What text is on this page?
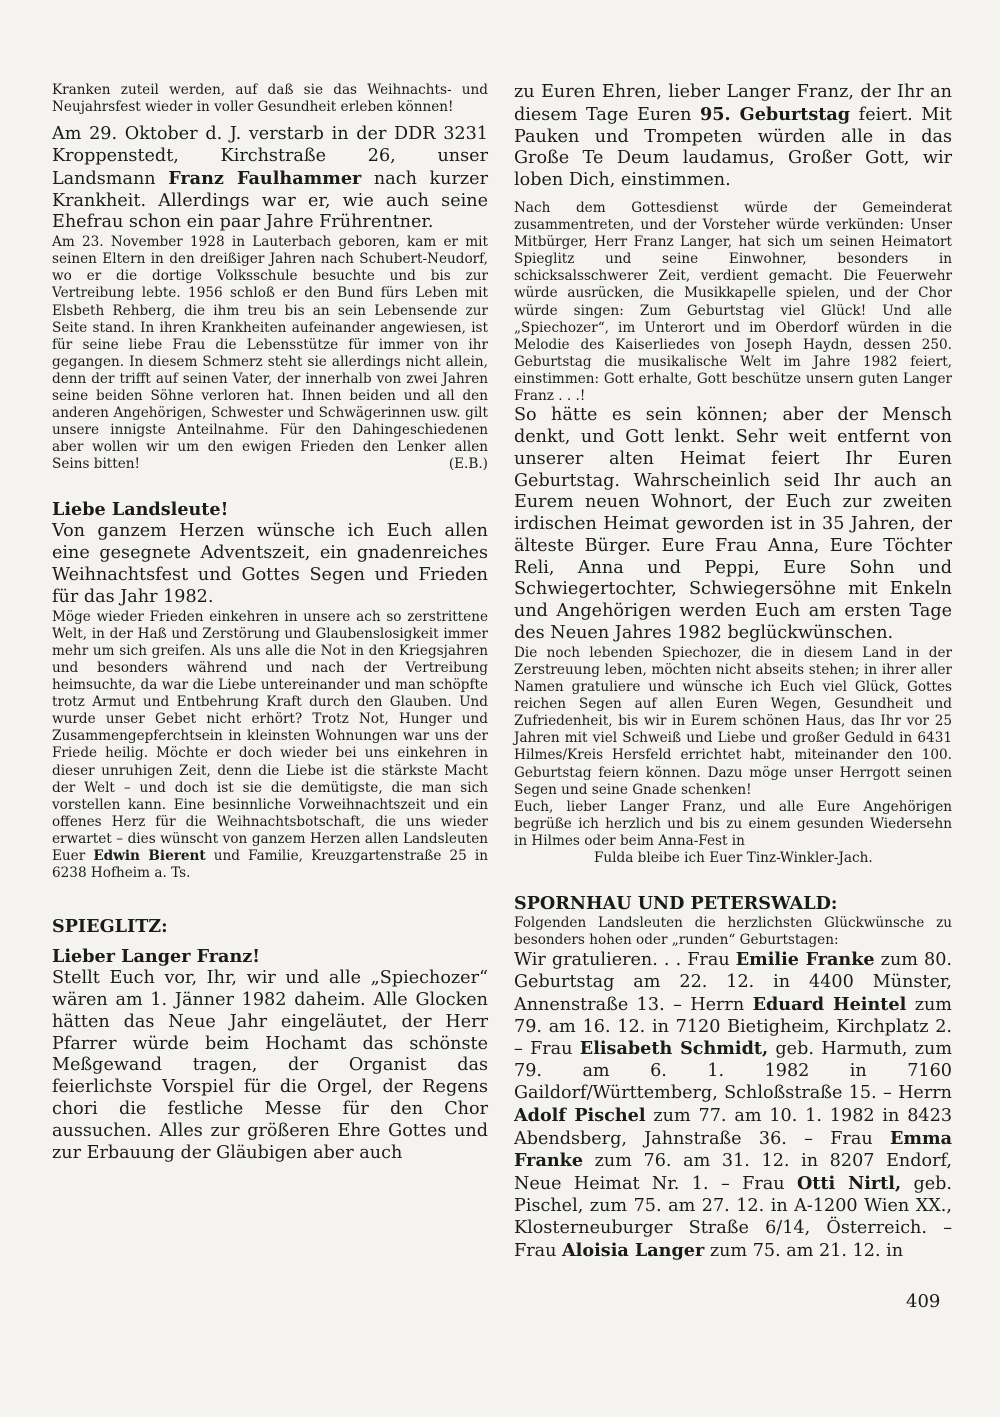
Kranken zuteil werden, auf daß sie das Weihnachts- und Neujahrsfest wieder in voller Gesundheit erleben können!

Am 29. Oktober d. J. verstarb in der DDR 3231 Kroppenstedt, Kirchstraße 26, unser Landsmann Franz Faulhammer nach kurzer Krankheit. Allerdings war er, wie auch seine Ehefrau schon ein paar Jahre Frührentner.

Am 23. November 1928 in Lauterbach geboren, kam er mit seinen Eltern in den dreißiger Jahren nach Schubert-Neudorf, wo er die dortige Volksschule besuchte und bis zur Vertreibung lebte. 1956 schloß er den Bund fürs Leben mit Elsbeth Rehberg, die ihm treu bis an sein Lebensende zur Seite stand. In ihren Krankheiten aufeinander angewiesen, ist für seine liebe Frau die Lebensstütze für immer von ihr gegangen. In diesem Schmerz steht sie allerdings nicht allein, denn der trifft auf seinen Vater, der innerhalb von zwei Jahren seine beiden Söhne verloren hat. Ihnen beiden und all den anderen Angehörigen, Schwester und Schwägerinnen usw. gilt unsere innigste Anteilnahme. Für den Dahingeschiedenen aber wollen wir um den ewigen Frieden den Lenker allen Seins bitten!	(E.B.)

Liebe Landsleute!

Von ganzem Herzen wünsche ich Euch allen eine gesegnete Adventszeit, ein gnadenreiches Weihnachtsfest und Gottes Segen und Frieden für das Jahr 1982.

Möge wieder Frieden einkehren in unsere ach so zerstrittene Welt, in der Haß und Zerstörung und Glaubenslosigkeit immer mehr um sich greifen. Als uns alle die Not in den Kriegsjahren und besonders während und nach der Vertreibung heimsuchte, da war die Liebe untereinander und man schöpfte trotz Armut und Entbehrung Kraft durch den Glauben. Und wurde unser Gebet nicht erhört? Trotz Not, Hunger und Zusammengepferchtsein in kleinsten Wohnungen war uns der Friede heilig. Möchte er doch wieder bei uns einkehren in dieser unruhigen Zeit, denn die Liebe ist die stärkste Macht der Welt – und doch ist sie die demütigste, die man sich vorstellen kann. Eine besinnliche Vorweihnachtszeit und ein offenes Herz für die Weihnachtsbotschaft, die uns wieder erwartet – dies wünscht von ganzem Herzen allen Landsleuten Euer Edwin Bierent und Familie, Kreuzgartenstraße 25 in 6238 Hofheim a. Ts.

SPIEGLITZ:

Lieber Langer Franz!

Stellt Euch vor, Ihr, wir und alle „Spiechozer“ wären am 1. Jänner 1982 daheim. Alle Glocken hätten das Neue Jahr eingeläutet, der Herr Pfarrer würde beim Hochamt das schönste Meßgewand tragen, der Organist das feierlichste Vorspiel für die Orgel, der Regens chori die festliche Messe für den Chor aussuchen. Alles zur größeren Ehre Gottes und zur Erbauung der Gläubigen aber auch

zu Euren Ehren, lieber Langer Franz, der Ihr an diesem Tage Euren 95. Geburtstag feiert. Mit Pauken und Trompeten würden alle in das Große Te Deum laudamus, Großer Gott, wir loben Dich, einstimmen.

Nach dem Gottesdienst würde der Gemeinderat zusammentreten, und der Vorsteher würde verkünden: Unser Mitbürger, Herr Franz Langer, hat sich um seinen Heimatort Spieglitz und seine Einwohner, besonders in schicksalsschwerer Zeit, verdient gemacht. Die Feuerwehr würde ausrücken, die Musikkapelle spielen, und der Chor würde singen: Zum Geburtstag viel Glück! Und alle „Spiechozer“, im Unterort und im Oberdorf würden in die Melodie des Kaiserliedes von Joseph Haydn, dessen 250. Geburtstag die musikalische Welt im Jahre 1982 feiert, einstimmen: Gott erhalte, Gott beschütze unsern guten Langer Franz . . .!

So hätte es sein können; aber der Mensch denkt, und Gott lenkt. Sehr weit entfernt von unserer alten Heimat feiert Ihr Euren Geburtstag. Wahrscheinlich seid Ihr auch an Eurem neuen Wohnort, der Euch zur zweiten irdischen Heimat geworden ist in 35 Jahren, der älteste Bürger. Eure Frau Anna, Eure Töchter Reli, Anna und Peppi, Eure Sohn und Schwiegertochter, Schwiegersöhne mit Enkeln und Angehörigen werden Euch am ersten Tage des Neuen Jahres 1982 beglückwünschen.

Die noch lebenden Spiechozer, die in diesem Land in der Zerstreuung leben, möchten nicht abseits stehen; in ihrer aller Namen gratuliere und wünsche ich Euch viel Glück, Gottes reichen Segen auf allen Euren Wegen, Gesundheit und Zufriedenheit, bis wir in Eurem schönen Haus, das Ihr vor 25 Jahren mit viel Schweiß und Liebe und großer Geduld in 6431 Hilmes/Kreis Hersfeld errichtet habt, miteinander den 100. Geburtstag feiern können. Dazu möge unser Herrgott seinen Segen und seine Gnade schenken!

Euch, lieber Langer Franz, und alle Eure Angehörigen begrüße ich herzlich und bis zu einem gesunden Wiedersehn in Hilmes oder beim Anna-Fest in

Fulda bleibe ich Euer Tinz-Winkler-Jach.

SPORNHAU UND PETERSWALD:

Folgenden Landsleuten die herzlichsten Glückwünsche zu besonders hohen oder „runden“ Geburtstagen:

Wir gratulieren. . . Frau Emilie Franke zum 80. Geburtstag am 22. 12. in 4400 Münster, Annenstraße 13. – Herrn Eduard Heintel zum 79. am 16. 12. in 7120 Bietigheim, Kirchplatz 2. – Frau Elisabeth Schmidt, geb. Harmuth, zum 79. am 6. 1. 1982 in 7160 Gaildorf/Württemberg, Schloßstraße 15. – Herrn Adolf Pischel zum 77. am 10. 1. 1982 in 8423 Abendsberg, Jahnstraße 36. – Frau Emma Franke zum 76. am 31. 12. in 8207 Endorf, Neue Heimat Nr. 1. – Frau Otti Nirtl, geb. Pischel, zum 75. am 27. 12. in A-1200 Wien XX., Klosterneuburger Straße 6/14, Österreich. – Frau Aloisia Langer zum 75. am 21. 12. in

409
